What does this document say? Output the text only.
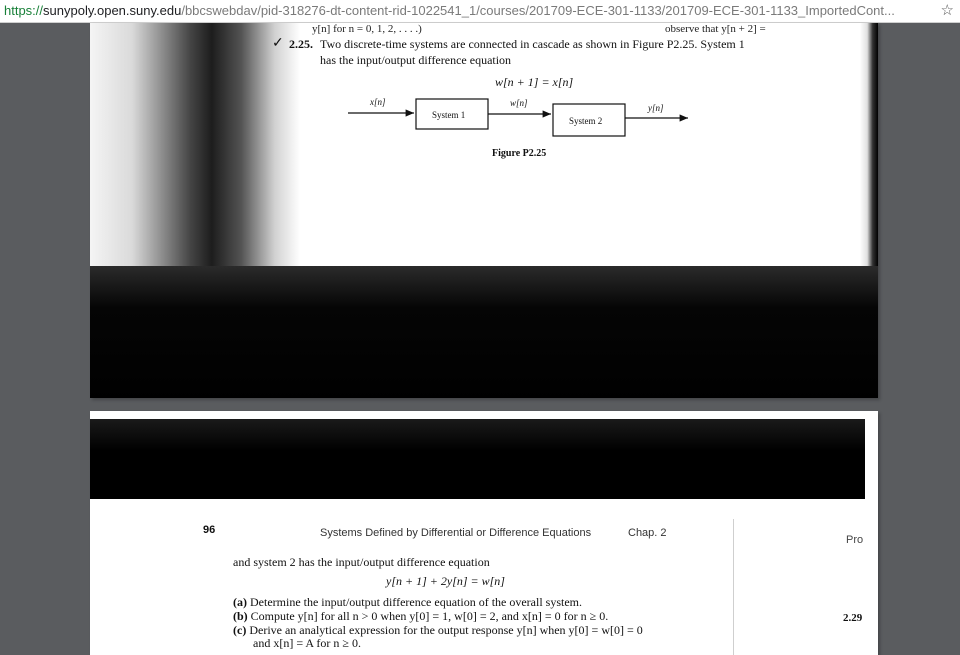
https://sunypoly.open.suny.edu/bbcswebdav/pid-318276-dt-content-rid-1022541_1/courses/201709-ECE-301-1133/201709-ECE-301-1133_ImportedCont...	☆
y[n] for n = 0, 1, 2, . . . .)	observe that y[n + 2] =
✓ 2.25. Two discrete-time systems are connected in cascade as shown in Figure P2.25. System 1
has the input/output difference equation
w[n + 1] = x[n]
x[n]
System 1
w[n]
System 2
y[n]
Figure P2.25
96	Systems Defined by Differential or Difference Equations	Chap. 2
Pro
and system 2 has the input/output difference equation
y[n + 1] + 2y[n] = w[n]
(a) Determine the input/output difference equation of the overall system.
(b) Compute y[n] for all n > 0 when y[0] = 1, w[0] = 2, and x[n] = 0 for n ≥ 0.
(c) Derive an analytical expression for the output response y[n] when y[0] = w[0] = 0
and x[n] = A for n ≥ 0.
2.29
